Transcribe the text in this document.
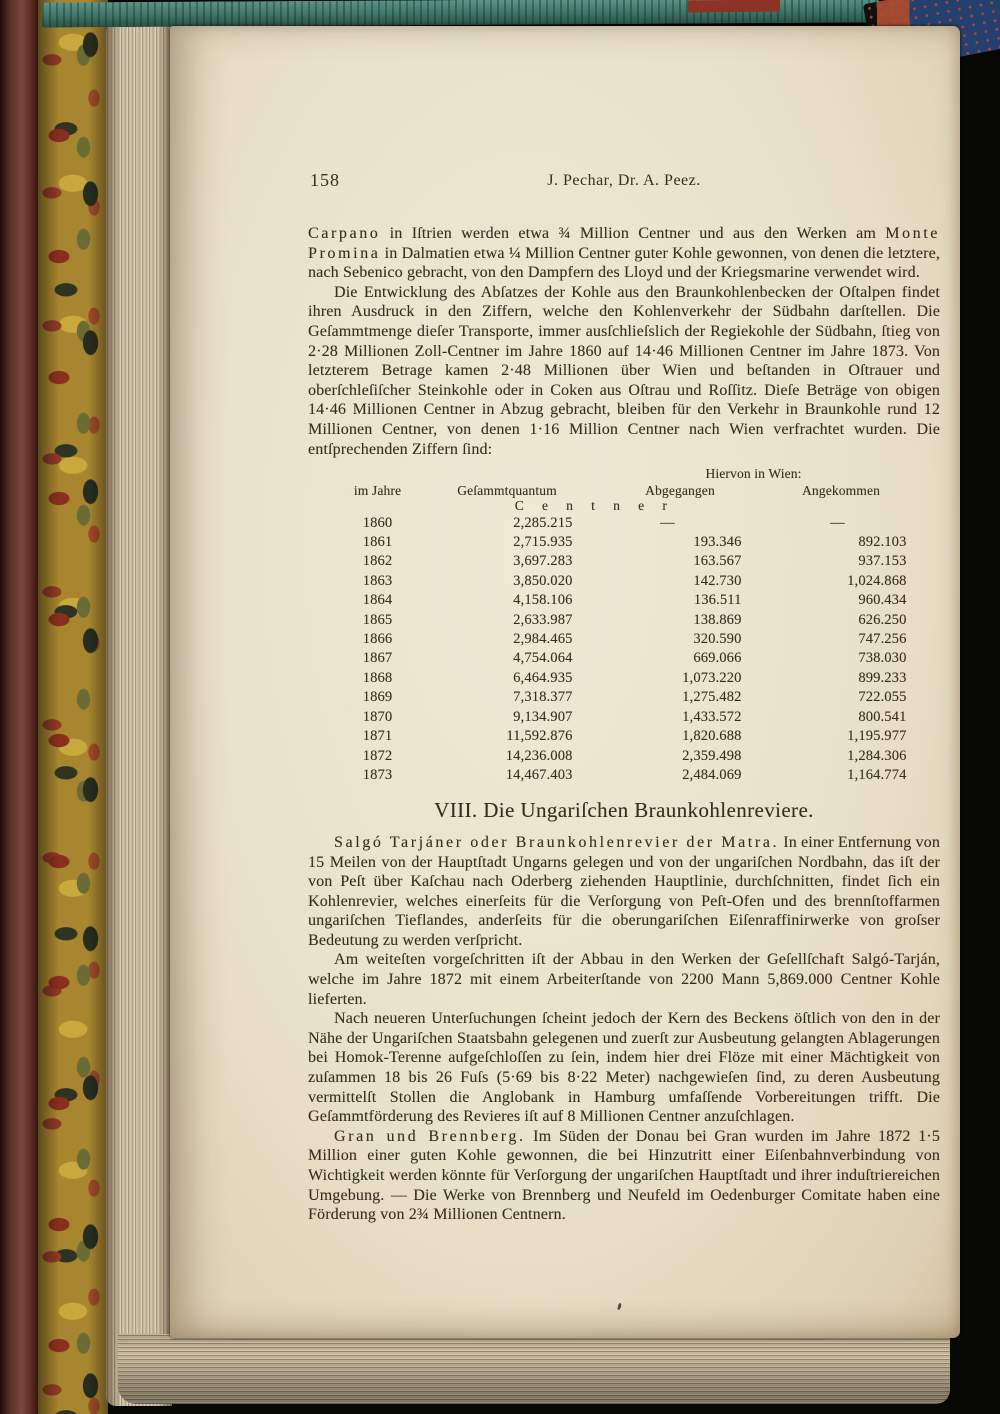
158	J. Pechar, Dr. A. Peez.

Carpano in Iſtrien werden etwa ¾ Million Centner und aus den Werken am Monte Promina in Dalmatien etwa ¼ Million Centner guter Kohle gewonnen, von denen die letztere, nach Sebenico gebracht, von den Dampfern des Lloyd und der Kriegsmarine verwendet wird.

Die Entwicklung des Abſatzes der Kohle aus den Braunkohlenbecken der Oſtalpen findet ihren Ausdruck in den Ziffern, welche den Kohlenverkehr der Südbahn darſtellen. Die Geſammtmenge dieſer Transporte, immer ausſchlieſslich der Regiekohle der Südbahn, ſtieg von 2·28 Millionen Zoll-Centner im Jahre 1860 auf 14·46 Millionen Centner im Jahre 1873. Von letzterem Betrage kamen 2·48 Millionen über Wien und beſtanden in Oſtrauer und oberſchleſiſcher Steinkohle oder in Coken aus Oſtrau und Roſſitz. Dieſe Beträge von obigen 14·46 Millionen Centner in Abzug gebracht, bleiben für den Verkehr in Braunkohle rund 12 Millionen Centner, von denen 1·16 Million Centner nach Wien verfrachtet wurden. Die entſprechenden Ziffern ſind:

		Hiervon in Wien:	
im Jahre	Geſammtquantum	Abgegangen	Angekommen
	C e n t n e r		
1860	2,285.215	—	—
1861	2,715.935	193.346	892.103
1862	3,697.283	163.567	937.153
1863	3,850.020	142.730	1,024.868
1864	4,158.106	136.511	960.434
1865	2,633.987	138.869	626.250
1866	2,984.465	320.590	747.256
1867	4,754.064	669.066	738.030
1868	6,464.935	1,073.220	899.233
1869	7,318.377	1,275.482	722.055
1870	9,134.907	1,433.572	800.541
1871	11,592.876	1,820.688	1,195.977
1872	14,236.008	2,359.498	1,284.306
1873	14,467.403	2,484.069	1,164.774
VIII. Die Ungariſchen Braunkohlenreviere.

Salgó Tarjáner oder Braunkohlenrevier der Matra. In einer Entfernung von 15 Meilen von der Hauptſtadt Ungarns gelegen und von der ungariſchen Nordbahn, das iſt der von Peſt über Kaſchau nach Oderberg ziehenden Hauptlinie, durchſchnitten, findet ſich ein Kohlenrevier, welches einerſeits für die Verſorgung von Peſt-Ofen und des brennſtoffarmen ungariſchen Tieflandes, anderſeits für die oberungariſchen Eiſenraffinirwerke von groſser Bedeutung zu werden verſpricht.

Am weiteſten vorgeſchritten iſt der Abbau in den Werken der Geſellſchaft Salgó-Tarján, welche im Jahre 1872 mit einem Arbeiterſtande von 2200 Mann 5,869.000 Centner Kohle lieferten.

Nach neueren Unterſuchungen ſcheint jedoch der Kern des Beckens öſtlich von den in der Nähe der Ungariſchen Staatsbahn gelegenen und zuerſt zur Ausbeutung gelangten Ablagerungen bei Homok-Terenne aufgeſchloſſen zu ſein, indem hier drei Flöze mit einer Mächtigkeit von zuſammen 18 bis 26 Fuſs (5·69 bis 8·22 Meter) nachgewieſen ſind, zu deren Ausbeutung vermittelſt Stollen die Anglobank in Hamburg umfaſſende Vorbereitungen trifft. Die Geſammtförderung des Revieres iſt auf 8 Millionen Centner anzuſchlagen.

Gran und Brennberg. Im Süden der Donau bei Gran wurden im Jahre 1872 1·5 Million einer guten Kohle gewonnen, die bei Hinzutritt einer Eiſenbahnverbindung von Wichtigkeit werden könnte für Verſorgung der ungariſchen Hauptſtadt und ihrer induſtriereichen Umgebung. — Die Werke von Brennberg und Neufeld im Oedenburger Comitate haben eine Förderung von 2¾ Millionen Centnern.
